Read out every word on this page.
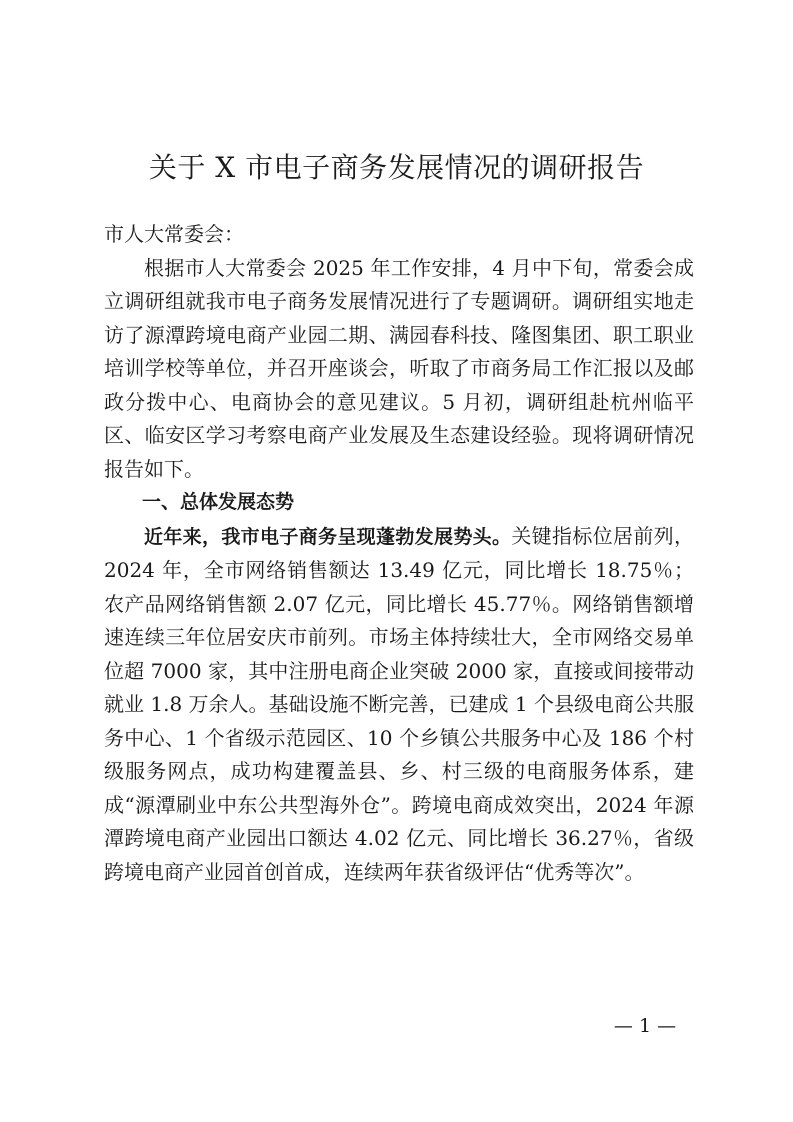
关于 X 市电子商务发展情况的调研报告

市人大常委会：

根据市人大常委会 2025 年工作安排，4 月中下旬，常委会成立调研组就我市电子商务发展情况进行了专题调研。调研组实地走访了源潭跨境电商产业园二期、满园春科技、隆图集团、职工职业培训学校等单位，并召开座谈会，听取了市商务局工作汇报以及邮政分拨中心、电商协会的意见建议。5 月初，调研组赴杭州临平区、临安区学习考察电商产业发展及生态建设经验。现将调研情况报告如下。

一、总体发展态势

近年来，我市电子商务呈现蓬勃发展势头。关键指标位居前列，2024 年，全市网络销售额达 13.49 亿元，同比增长 18.75％；农产品网络销售额 2.07 亿元，同比增长 45.77％。网络销售额增速连续三年位居安庆市前列。市场主体持续壮大，全市网络交易单位超 7000 家，其中注册电商企业突破 2000 家，直接或间接带动就业 1.8 万余人。基础设施不断完善，已建成 1 个县级电商公共服务中心、1 个省级示范园区、10 个乡镇公共服务中心及 186 个村级服务网点，成功构建覆盖县、乡、村三级的电商服务体系，建成“源潭刷业中东公共型海外仓”。跨境电商成效突出，2024 年源潭跨境电商产业园出口额达 4.02 亿元、同比增长 36.27％，省级跨境电商产业园首创首成，连续两年获省级评估“优秀等次”。

— 1 —
